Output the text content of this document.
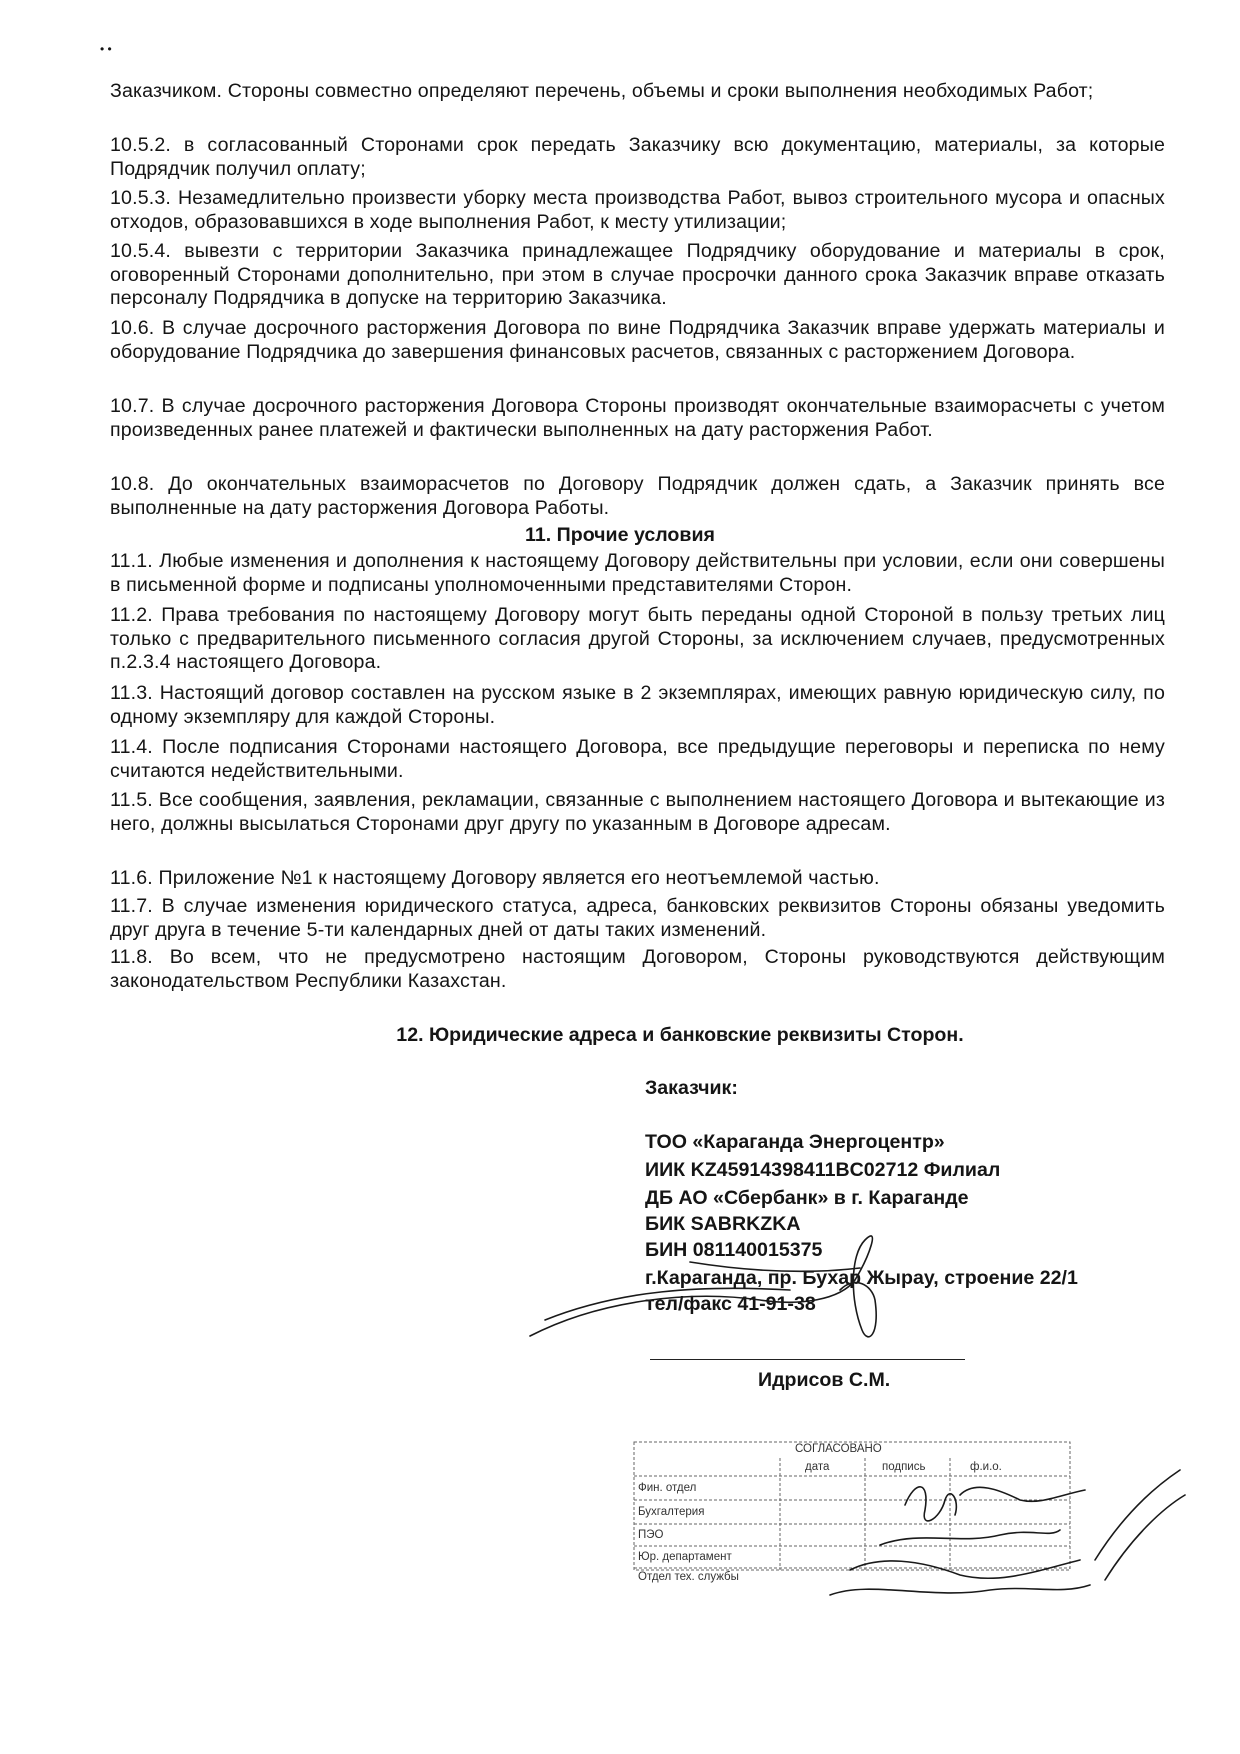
• •
Заказчиком. Стороны совместно определяют перечень, объемы и сроки выполнения необходимых Работ;
10.5.2. в согласованный Сторонами срок передать Заказчику всю документацию, материалы, за которые Подрядчик получил оплату;
10.5.3. Незамедлительно произвести уборку места производства Работ, вывоз строительного мусора и опасных отходов, образовавшихся в ходе выполнения Работ, к месту утилизации;
10.5.4. вывезти с территории Заказчика принадлежащее Подрядчику оборудование и материалы в срок, оговоренный Сторонами дополнительно, при этом в случае просрочки данного срока Заказчик вправе отказать персоналу Подрядчика в допуске на территорию Заказчика.
10.6. В случае досрочного расторжения Договора по вине Подрядчика Заказчик вправе удержать материалы и оборудование Подрядчика до завершения финансовых расчетов, связанных с расторжением Договора.
10.7. В случае досрочного расторжения Договора Стороны производят окончательные взаиморасчеты с учетом произведенных ранее платежей и фактически выполненных на дату расторжения Работ.
10.8. До окончательных взаиморасчетов по Договору Подрядчик должен сдать, а Заказчик принять все выполненные на дату расторжения Договора Работы.
11. Прочие условия
11.1. Любые изменения и дополнения к настоящему Договору действительны при условии, если они совершены в письменной форме и подписаны уполномоченными представителями Сторон.
11.2. Права требования по настоящему Договору могут быть переданы одной Стороной в пользу третьих лиц только с предварительного письменного согласия другой Стороны, за исключением случаев, предусмотренных п.2.3.4 настоящего Договора.
11.3. Настоящий договор составлен на русском языке в 2 экземплярах, имеющих равную юридическую силу, по одному экземпляру для каждой Стороны.
11.4. После подписания Сторонами настоящего Договора, все предыдущие переговоры и переписка по нему считаются недействительными.
11.5. Все сообщения, заявления, рекламации, связанные с выполнением настоящего Договора и вытекающие из него, должны высылаться Сторонами друг другу по указанным в Договоре адресам.
11.6. Приложение №1 к настоящему Договору является его неотъемлемой частью.
11.7. В случае изменения юридического статуса, адреса, банковских реквизитов Стороны обязаны уведомить друг друга в течение 5-ти календарных дней от даты таких изменений.
11.8. Во всем, что не предусмотрено настоящим Договором, Стороны руководствуются действующим законодательством Республики Казахстан.
12. Юридические адреса и банковские реквизиты Сторон.
Заказчик:
ТОО «Караганда Энергоцентр»
ИИК KZ45914398411BC02712 Филиал
ДБ АО «Сбербанк» в г. Караганде
БИК SABRKZKA
БИН 081140015375
г.Караганда, пр. Бухар Жырау, строение 22/1
тел/факс 41-91-38
Идрисов С.М.
СОГЛАСОВАНО
дата	подпись	ф.и.о.
Фин. отдел
Бухгалтерия
ПЭО
Юр. департамент
Отдел тех. службы
